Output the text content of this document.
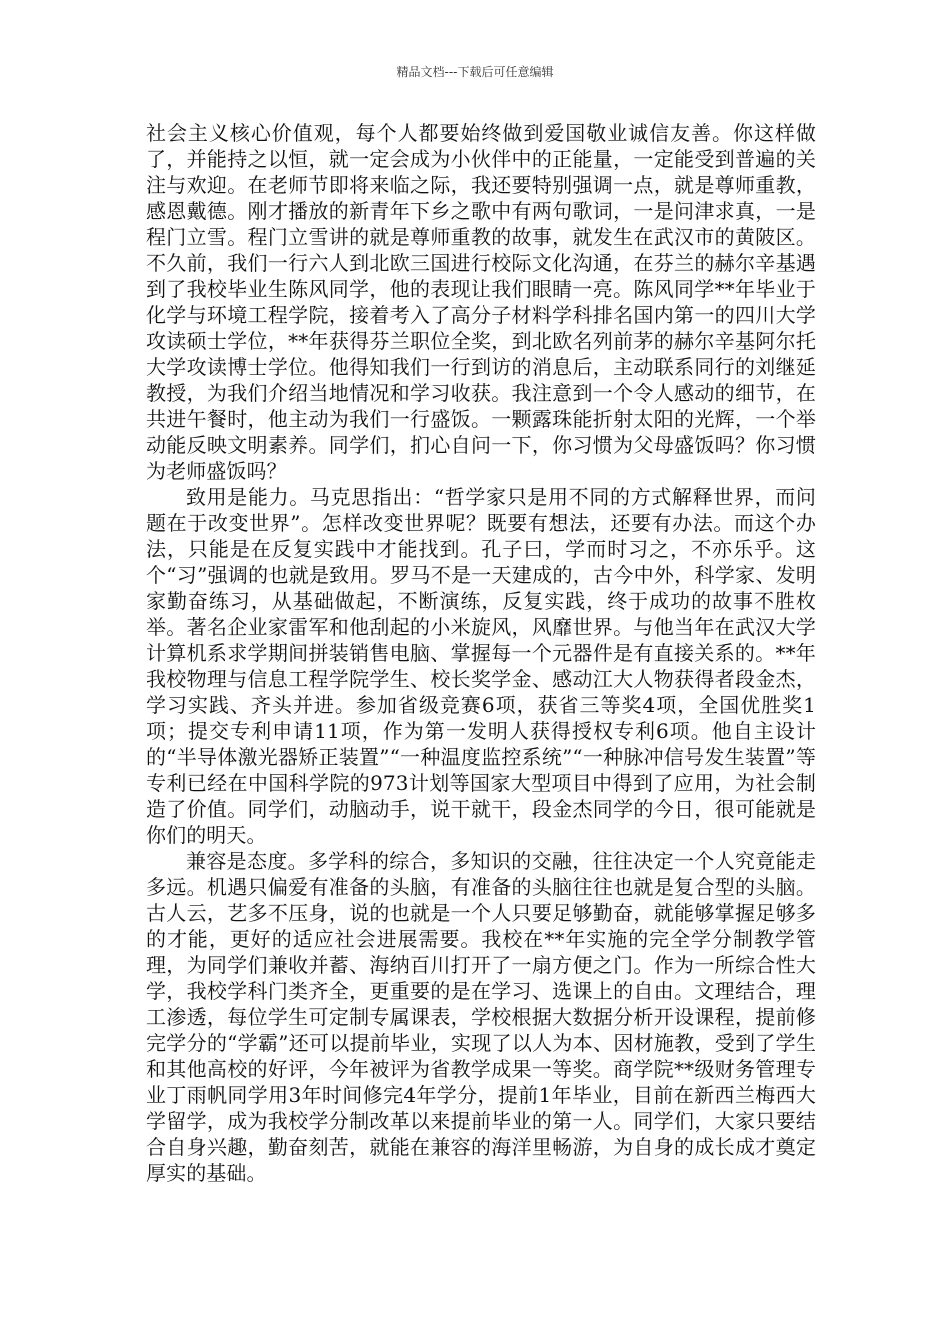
精品文档---下载后可任意编辑

社会主义核心价值观，每个人都要始终做到爱国敬业诚信友善。你这样做了，并能持之以恒，就一定会成为小伙伴中的正能量，一定能受到普遍的关注与欢迎。在老师节即将来临之际，我还要特别强调一点，就是尊师重教，感恩戴德。刚才播放的新青年下乡之歌中有两句歌词，一是问津求真，一是程门立雪。程门立雪讲的就是尊师重教的故事，就发生在武汉市的黄陂区。不久前，我们一行六人到北欧三国进行校际文化沟通，在芬兰的赫尔辛基遇到了我校毕业生陈风同学，他的表现让我们眼睛一亮。陈风同学**年毕业于化学与环境工程学院，接着考入了高分子材料学科排名国内第一的四川大学攻读硕士学位，**年获得芬兰职位全奖，到北欧名列前茅的赫尔辛基阿尔托大学攻读博士学位。他得知我们一行到访的消息后，主动联系同行的刘继延教授，为我们介绍当地情况和学习收获。我注意到一个令人感动的细节，在共进午餐时，他主动为我们一行盛饭。一颗露珠能折射太阳的光辉，一个举动能反映文明素养。同学们，扪心自问一下，你习惯为父母盛饭吗？你习惯为老师盛饭吗？

致用是能力。马克思指出：“哲学家只是用不同的方式解释世界，而问题在于改变世界”。怎样改变世界呢？既要有想法，还要有办法。而这个办法，只能是在反复实践中才能找到。孔子曰，学而时习之，不亦乐乎。这个“习”强调的也就是致用。罗马不是一天建成的，古今中外，科学家、发明家勤奋练习，从基础做起，不断演练，反复实践，终于成功的故事不胜枚举。著名企业家雷军和他刮起的小米旋风，风靡世界。与他当年在武汉大学计算机系求学期间拼装销售电脑、掌握每一个元器件是有直接关系的。**年我校物理与信息工程学院学生、校长奖学金、感动江大人物获得者段金杰，学习实践、齐头并进。参加省级竞赛6项，获省三等奖4项，全国优胜奖1项；提交专利申请11项，作为第一发明人获得授权专利6项。他自主设计的“半导体激光器矫正装置”“一种温度监控系统”“一种脉冲信号发生装置”等专利已经在中国科学院的973计划等国家大型项目中得到了应用，为社会制造了价值。同学们，动脑动手，说干就干，段金杰同学的今日，很可能就是你们的明天。

兼容是态度。多学科的综合，多知识的交融，往往决定一个人究竟能走多远。机遇只偏爱有准备的头脑，有准备的头脑往往也就是复合型的头脑。古人云，艺多不压身，说的也就是一个人只要足够勤奋，就能够掌握足够多的才能，更好的适应社会进展需要。我校在**年实施的完全学分制教学管理，为同学们兼收并蓄、海纳百川打开了一扇方便之门。作为一所综合性大学，我校学科门类齐全，更重要的是在学习、选课上的自由。文理结合，理工渗透，每位学生可定制专属课表，学校根据大数据分析开设课程，提前修完学分的“学霸”还可以提前毕业，实现了以人为本、因材施教，受到了学生和其他高校的好评，今年被评为省教学成果一等奖。商学院**级财务管理专业丁雨帆同学用3年时间修完4年学分，提前1年毕业，目前在新西兰梅西大学留学，成为我校学分制改革以来提前毕业的第一人。同学们，大家只要结合自身兴趣，勤奋刻苦，就能在兼容的海洋里畅游，为自身的成长成才奠定厚实的基础。
